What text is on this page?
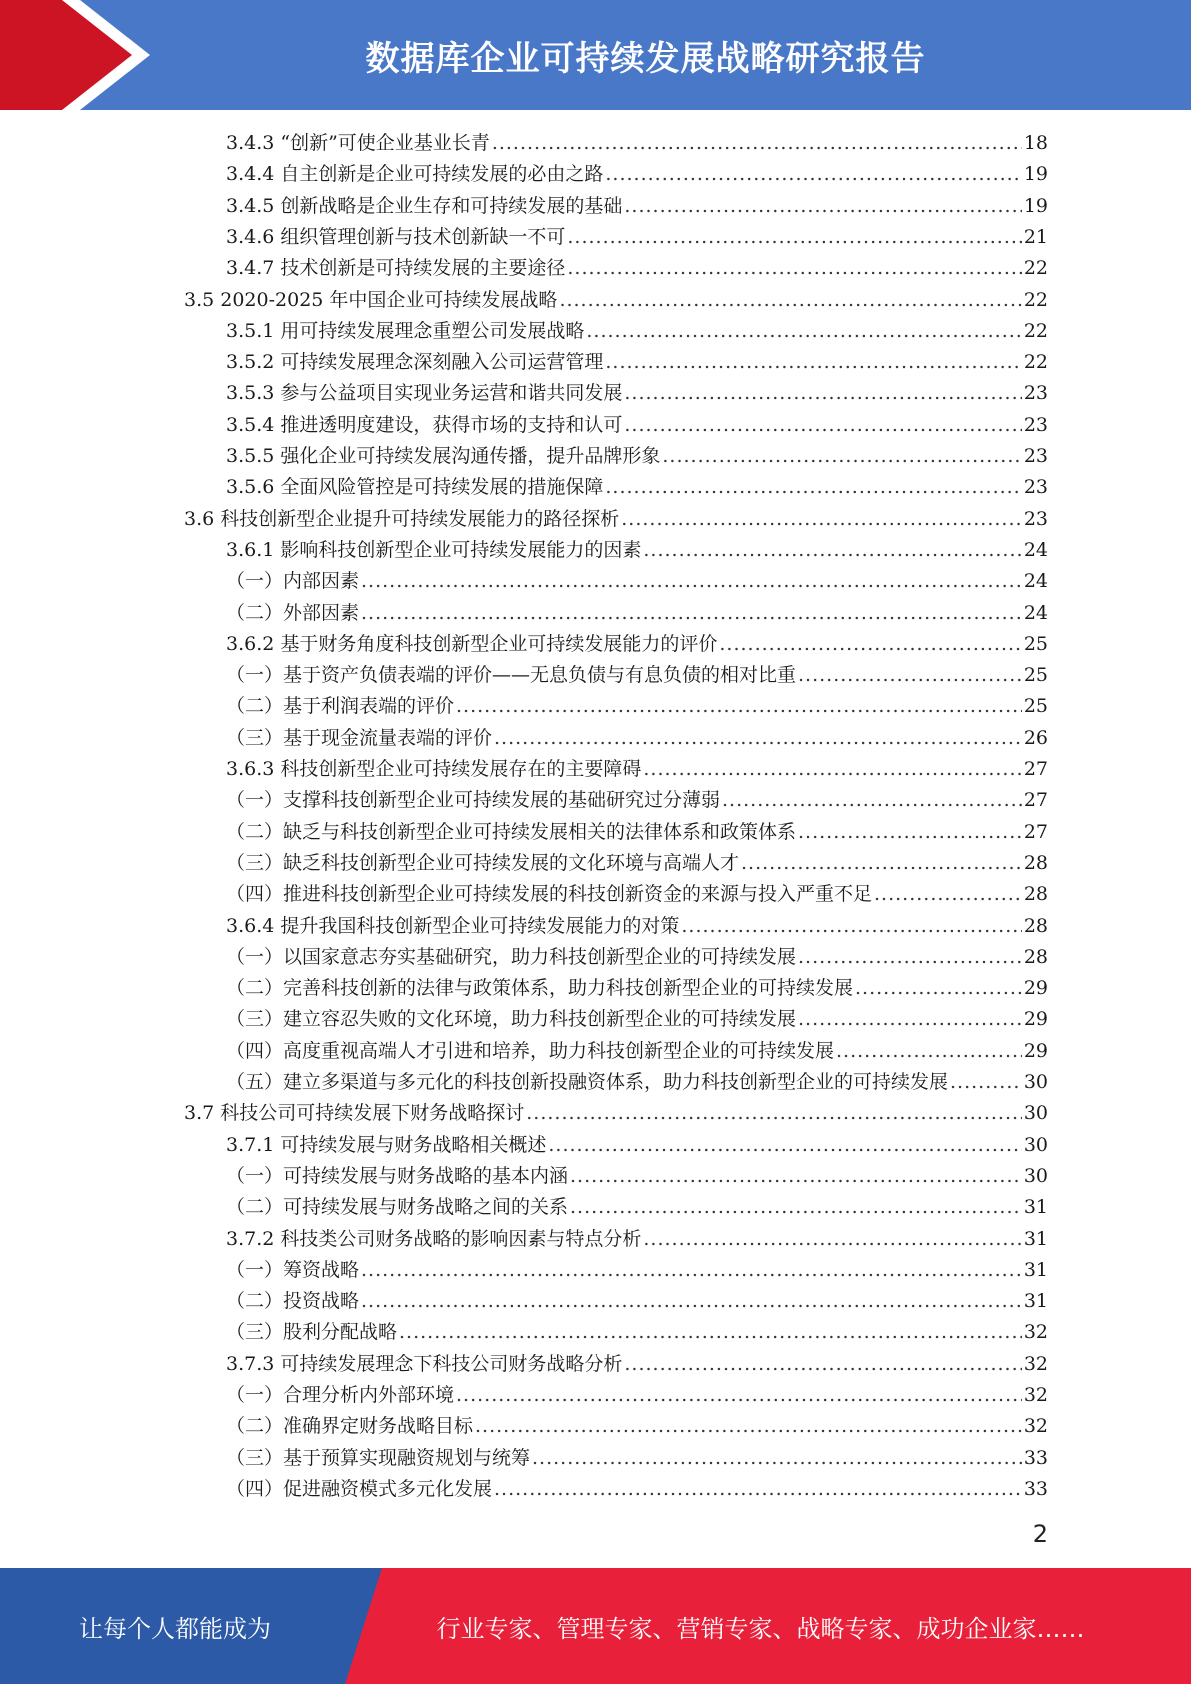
数据库企业可持续发展战略研究报告
3.4.3 “创新”可使企业基业长青 .....	18
3.4.4 自主创新是企业可持续发展的必由之路 .....	19
3.4.5 创新战略是企业生存和可持续发展的基础 .....	19
3.4.6 组织管理创新与技术创新缺一不可 .....	21
3.4.7 技术创新是可持续发展的主要途径 .....	22
3.5 2020-2025 年中国企业可持续发展战略 .....	22
3.5.1 用可持续发展理念重塑公司发展战略 .....	22
3.5.2 可持续发展理念深刻融入公司运营管理 .....	22
3.5.3 参与公益项目实现业务运营和谐共同发展 .....	23
3.5.4 推进透明度建设，获得市场的支持和认可 .....	23
3.5.5 强化企业可持续发展沟通传播，提升品牌形象 .....	23
3.5.6 全面风险管控是可持续发展的措施保障 .....	23
3.6 科技创新型企业提升可持续发展能力的路径探析 .....	23
3.6.1 影响科技创新型企业可持续发展能力的因素 .....	24
（一）内部因素 .....	24
（二）外部因素 .....	24
3.6.2 基于财务角度科技创新型企业可持续发展能力的评价 .....	25
（一）基于资产负债表端的评价——无息负债与有息负债的相对比重 .....	25
（二）基于利润表端的评价 .....	25
（三）基于现金流量表端的评价 .....	26
3.6.3 科技创新型企业可持续发展存在的主要障碍 .....	27
（一）支撑科技创新型企业可持续发展的基础研究过分薄弱 .....	27
（二）缺乏与科技创新型企业可持续发展相关的法律体系和政策体系 .....	27
（三）缺乏科技创新型企业可持续发展的文化环境与高端人才 .....	28
（四）推进科技创新型企业可持续发展的科技创新资金的来源与投入严重不足 .....	28
3.6.4 提升我国科技创新型企业可持续发展能力的对策 .....	28
（一）以国家意志夯实基础研究，助力科技创新型企业的可持续发展 .....	28
（二）完善科技创新的法律与政策体系，助力科技创新型企业的可持续发展 .....	29
（三）建立容忍失败的文化环境，助力科技创新型企业的可持续发展 .....	29
（四）高度重视高端人才引进和培养，助力科技创新型企业的可持续发展 .....	29
（五）建立多渠道与多元化的科技创新投融资体系，助力科技创新型企业的可持续发展 .....	30
3.7 科技公司可持续发展下财务战略探讨 .....	30
3.7.1 可持续发展与财务战略相关概述 .....	30
（一）可持续发展与财务战略的基本内涵 .....	30
（二）可持续发展与财务战略之间的关系 .....	31
3.7.2 科技类公司财务战略的影响因素与特点分析 .....	31
（一）筹资战略 .....	31
（二）投资战略 .....	31
（三）股利分配战略 .....	32
3.7.3 可持续发展理念下科技公司财务战略分析 .....	32
（一）合理分析内外部环境 .....	32
（二）准确界定财务战略目标 .....	32
（三）基于预算实现融资规划与统筹 .....	33
（四）促进融资模式多元化发展 .....	33
2
让每个人都能成为	行业专家、管理专家、营销专家、战略专家、成功企业家……
